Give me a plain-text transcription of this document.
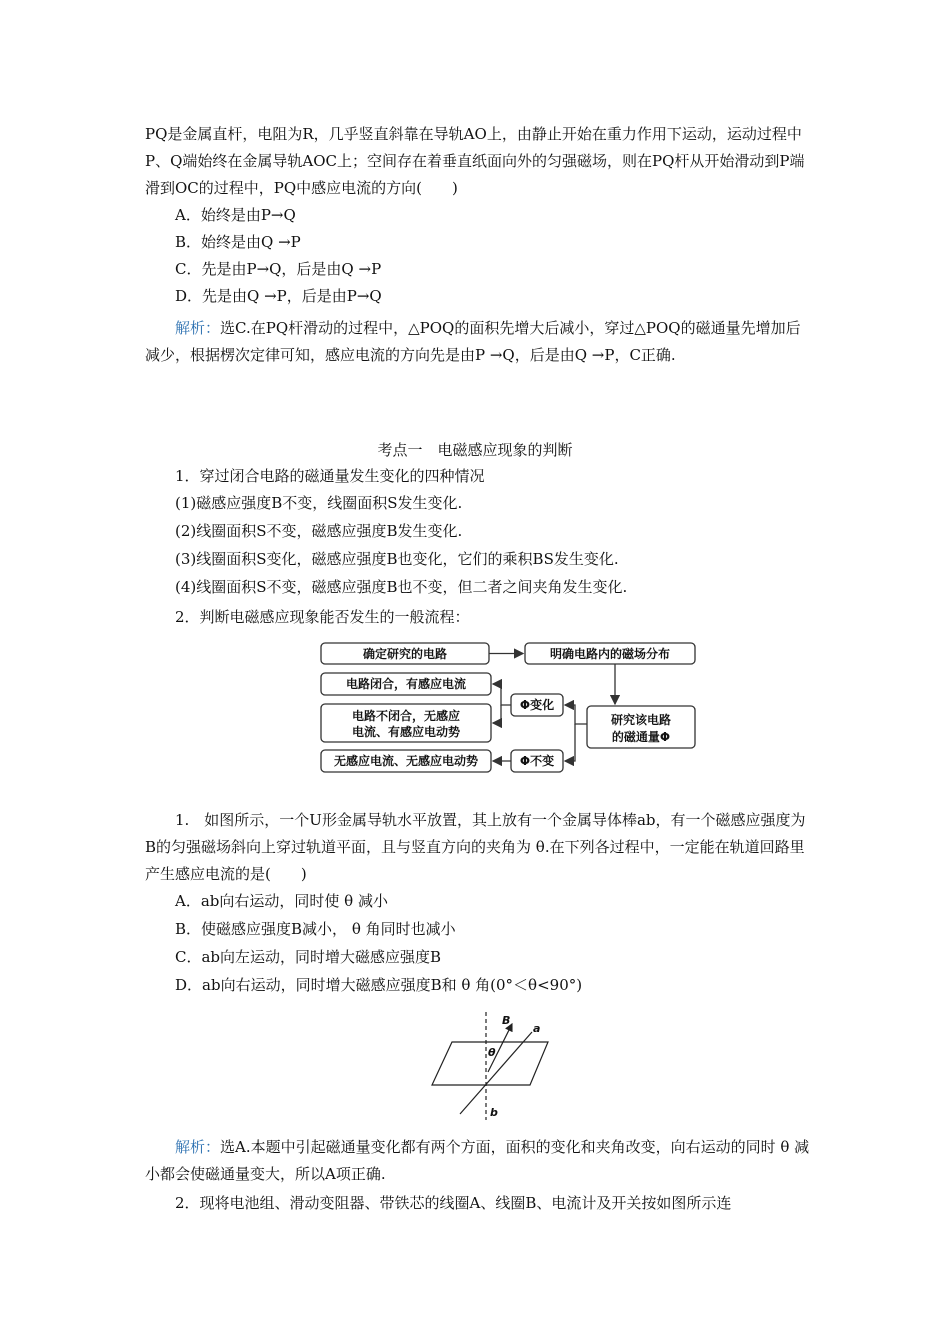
PQ是金属直杆，电阻为R，几乎竖直斜靠在导轨AO上，由静止开始在重力作用下运动，运动过程中P、Q端始终在金属导轨AOC上；空间存在着垂直纸面向外的匀强磁场，则在PQ杆从开始滑动到P端滑到OC的过程中，PQ中感应电流的方向(　　)

A．始终是由P→Q

B．始终是由Q →P

C．先是由P→Q，后是由Q →P

D．先是由Q →P，后是由P→Q

解析：选C.在PQ杆滑动的过程中，△POQ的面积先增大后减小，穿过△POQ的磁通量先增加后减少，根据楞次定律可知，感应电流的方向先是由P →Q，后是由Q →P，C正确.

考点一　电磁感应现象的判断

1．穿过闭合电路的磁通量发生变化的四种情况

(1)磁感应强度B不变，线圈面积S发生变化.

(2)线圈面积S不变，磁感应强度B发生变化.

(3)线圈面积S变化，磁感应强度B也变化，它们的乘积BS发生变化.

(4)线圈面积S不变，磁感应强度B也不变，但二者之间夹角发生变化.

2．判断电磁感应现象能否发生的一般流程：

确定研究的电路	明确电路内的磁场分布
研究该电路
的磁通量Φ
Φ变化
Φ不变
电路闭合，有感应电流
电路不闭合，无感应
电流、有感应电动势
无感应电流、无感应电动势

1.　如图所示，一个U形金属导轨水平放置，其上放有一个金属导体棒ab，有一个磁感应强度为B的匀强磁场斜向上穿过轨道平面，且与竖直方向的夹角为 θ.在下列各过程中，一定能在轨道回路里产生感应电流的是(　　)

A．ab向右运动，同时使 θ 减小

B．使磁感应强度B减小， θ 角同时也减小

C．ab向左运动，同时增大磁感应强度B

D．ab向右运动，同时增大磁感应强度B和 θ 角(0°＜θ<90°)

B
a
θ
b

解析：选A.本题中引起磁通量变化都有两个方面，面积的变化和夹角改变，向右运动的同时 θ 减小都会使磁通量变大，所以A项正确.

2．现将电池组、滑动变阻器、带铁芯的线圈A、线圈B、电流计及开关按如图所示连
